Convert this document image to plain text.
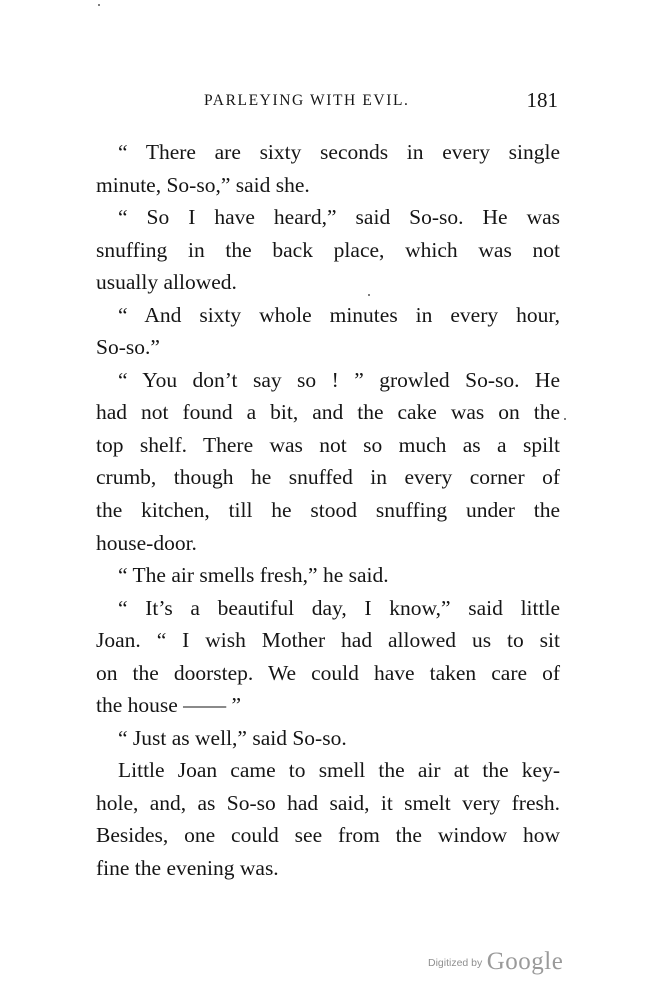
PARLEYING WITH EVIL.	181
“ There are sixty seconds in every single
minute, So-so,” said she.
“ So I have heard,” said So-so. He was
snuffing in the back place, which was not
usually allowed.
“ And sixty whole minutes in every hour,
So-so.”
“ You don’t say so ! ” growled So-so. He
had not found a bit, and the cake was on the
top shelf. There was not so much as a spilt
crumb, though he snuffed in every corner of
the kitchen, till he stood snuffing under the
house-door.
“ The air smells fresh,” he said.
“ It’s a beautiful day, I know,” said little
Joan. “ I wish Mother had allowed us to sit
on the doorstep. We could have taken care of
the house —— ”
“ Just as well,” said So-so.
Little Joan came to smell the air at the key-
hole, and, as So-so had said, it smelt very fresh.
Besides, one could see from the window how
fine the evening was.
Digitized by Google
